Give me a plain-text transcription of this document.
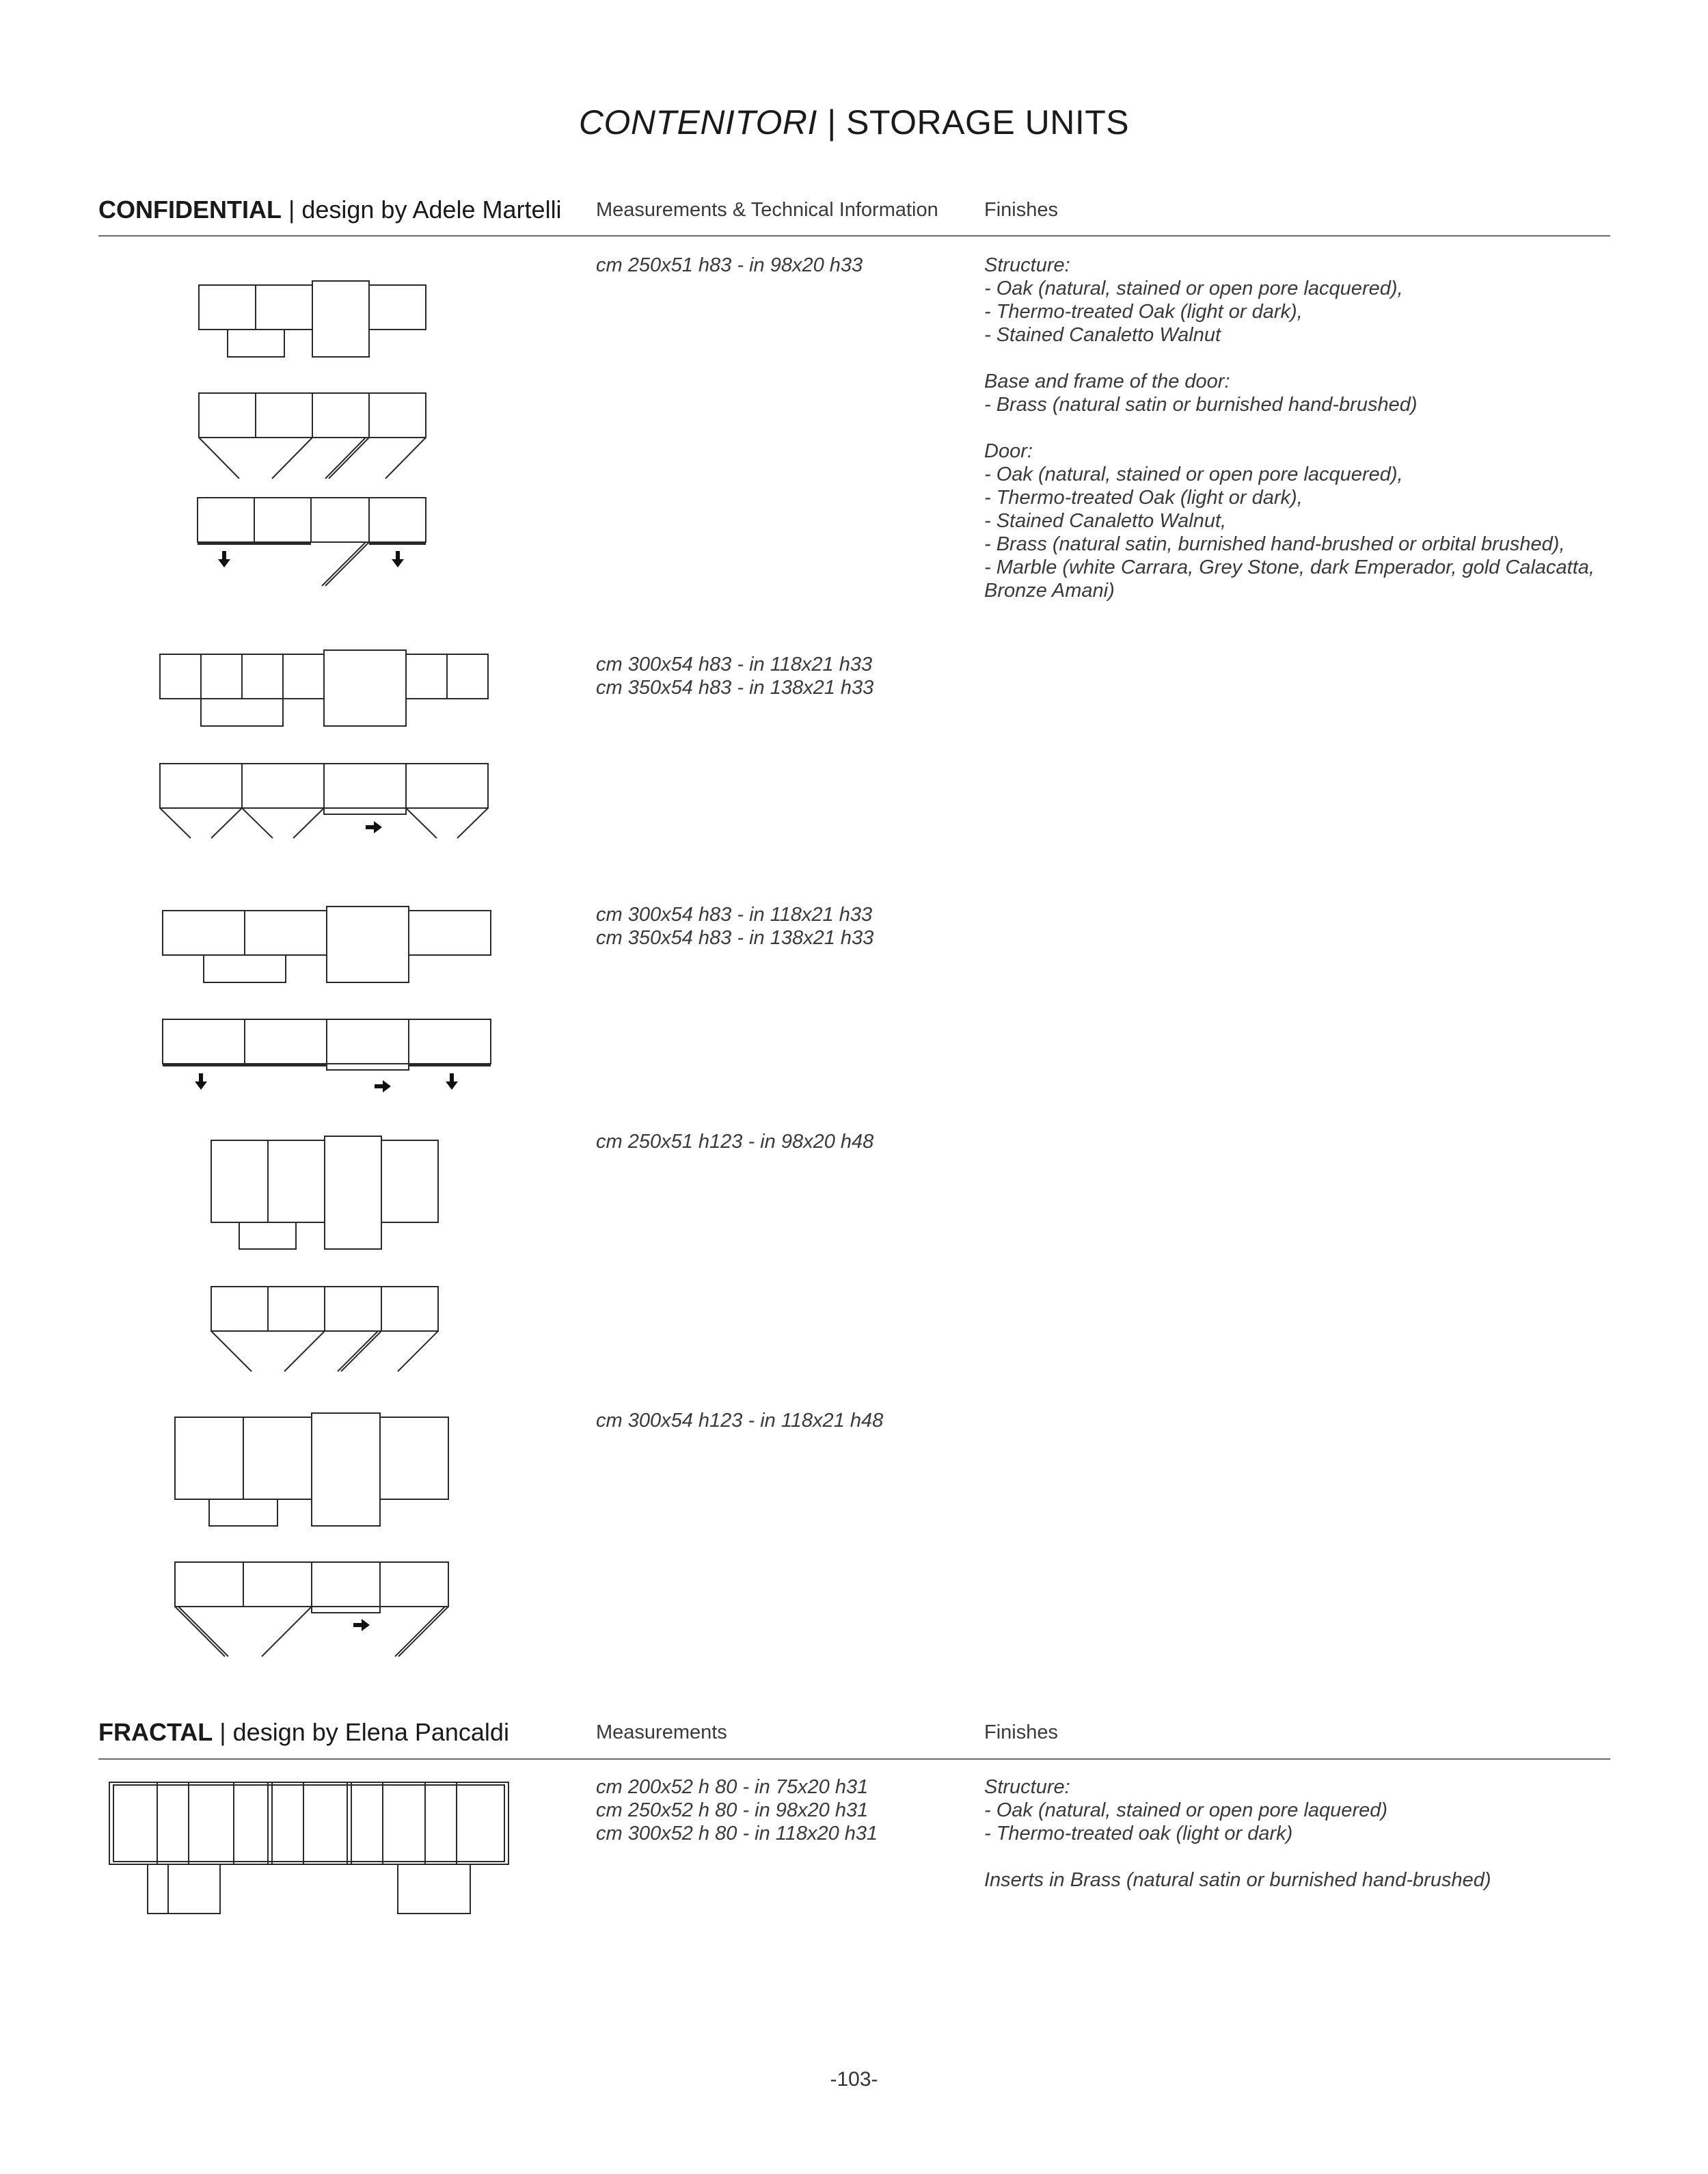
CONTENITORI | STORAGE UNITS
CONFIDENTIAL | design by Adele Martelli Measurements & Technical Information Finishes
cm 250x51 h83 - in 98x20 h33
cm 300x54 h83 - in 118x21 h33
cm 350x54 h83 - in 138x21 h33
cm 300x54 h83 - in 118x21 h33
cm 350x54 h83 - in 138x21 h33
cm 250x51 h123 - in 98x20 h48
cm 300x54 h123 - in 118x21 h48
Structure:
- Oak (natural, stained or open pore lacquered),
- Thermo-treated Oak (light or dark),
- Stained Canaletto Walnut
Base and frame of the door:
- Brass (natural satin or burnished hand-brushed)
Door:
- Oak (natural, stained or open pore lacquered),
- Thermo-treated Oak (light or dark),
- Stained Canaletto Walnut,
- Brass (natural satin, burnished hand-brushed or orbital brushed),
- Marble (white Carrara, Grey Stone, dark Emperador, gold Calacatta,
Bronze Amani)
FRACTAL | design by Elena Pancaldi	Measurements	Finishes
cm 200x52 h 80 - in 75x20 h31
cm 250x52 h 80 - in 98x20 h31
cm 300x52 h 80 - in 118x20 h31
Structure:
- Oak (natural, stained or open pore laquered)
- Thermo-treated oak (light or dark)
Inserts in Brass (natural satin or burnished hand-brushed)
-103-
